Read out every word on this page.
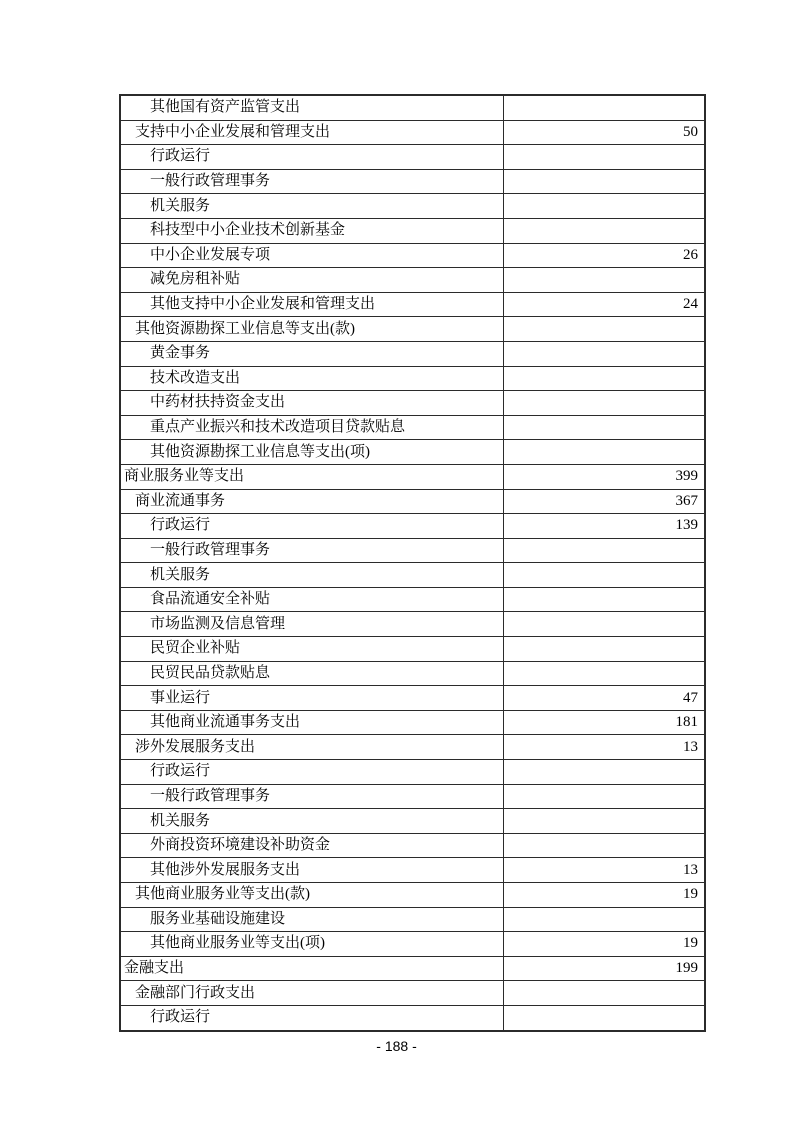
其他国有资产监管支出	
支持中小企业发展和管理支出	50
行政运行	
一般行政管理事务	
机关服务	
科技型中小企业技术创新基金	
中小企业发展专项	26
减免房租补贴	
其他支持中小企业发展和管理支出	24
其他资源勘探工业信息等支出(款)	
黄金事务	
技术改造支出	
中药材扶持资金支出	
重点产业振兴和技术改造项目贷款贴息	
其他资源勘探工业信息等支出(项)	
商业服务业等支出	399
商业流通事务	367
行政运行	139
一般行政管理事务	
机关服务	
食品流通安全补贴	
市场监测及信息管理	
民贸企业补贴	
民贸民品贷款贴息	
事业运行	47
其他商业流通事务支出	181
涉外发展服务支出	13
行政运行	
一般行政管理事务	
机关服务	
外商投资环境建设补助资金	
其他涉外发展服务支出	13
其他商业服务业等支出(款)	19
服务业基础设施建设	
其他商业服务业等支出(项)	19
金融支出	199
金融部门行政支出	
行政运行	
- 188 -
